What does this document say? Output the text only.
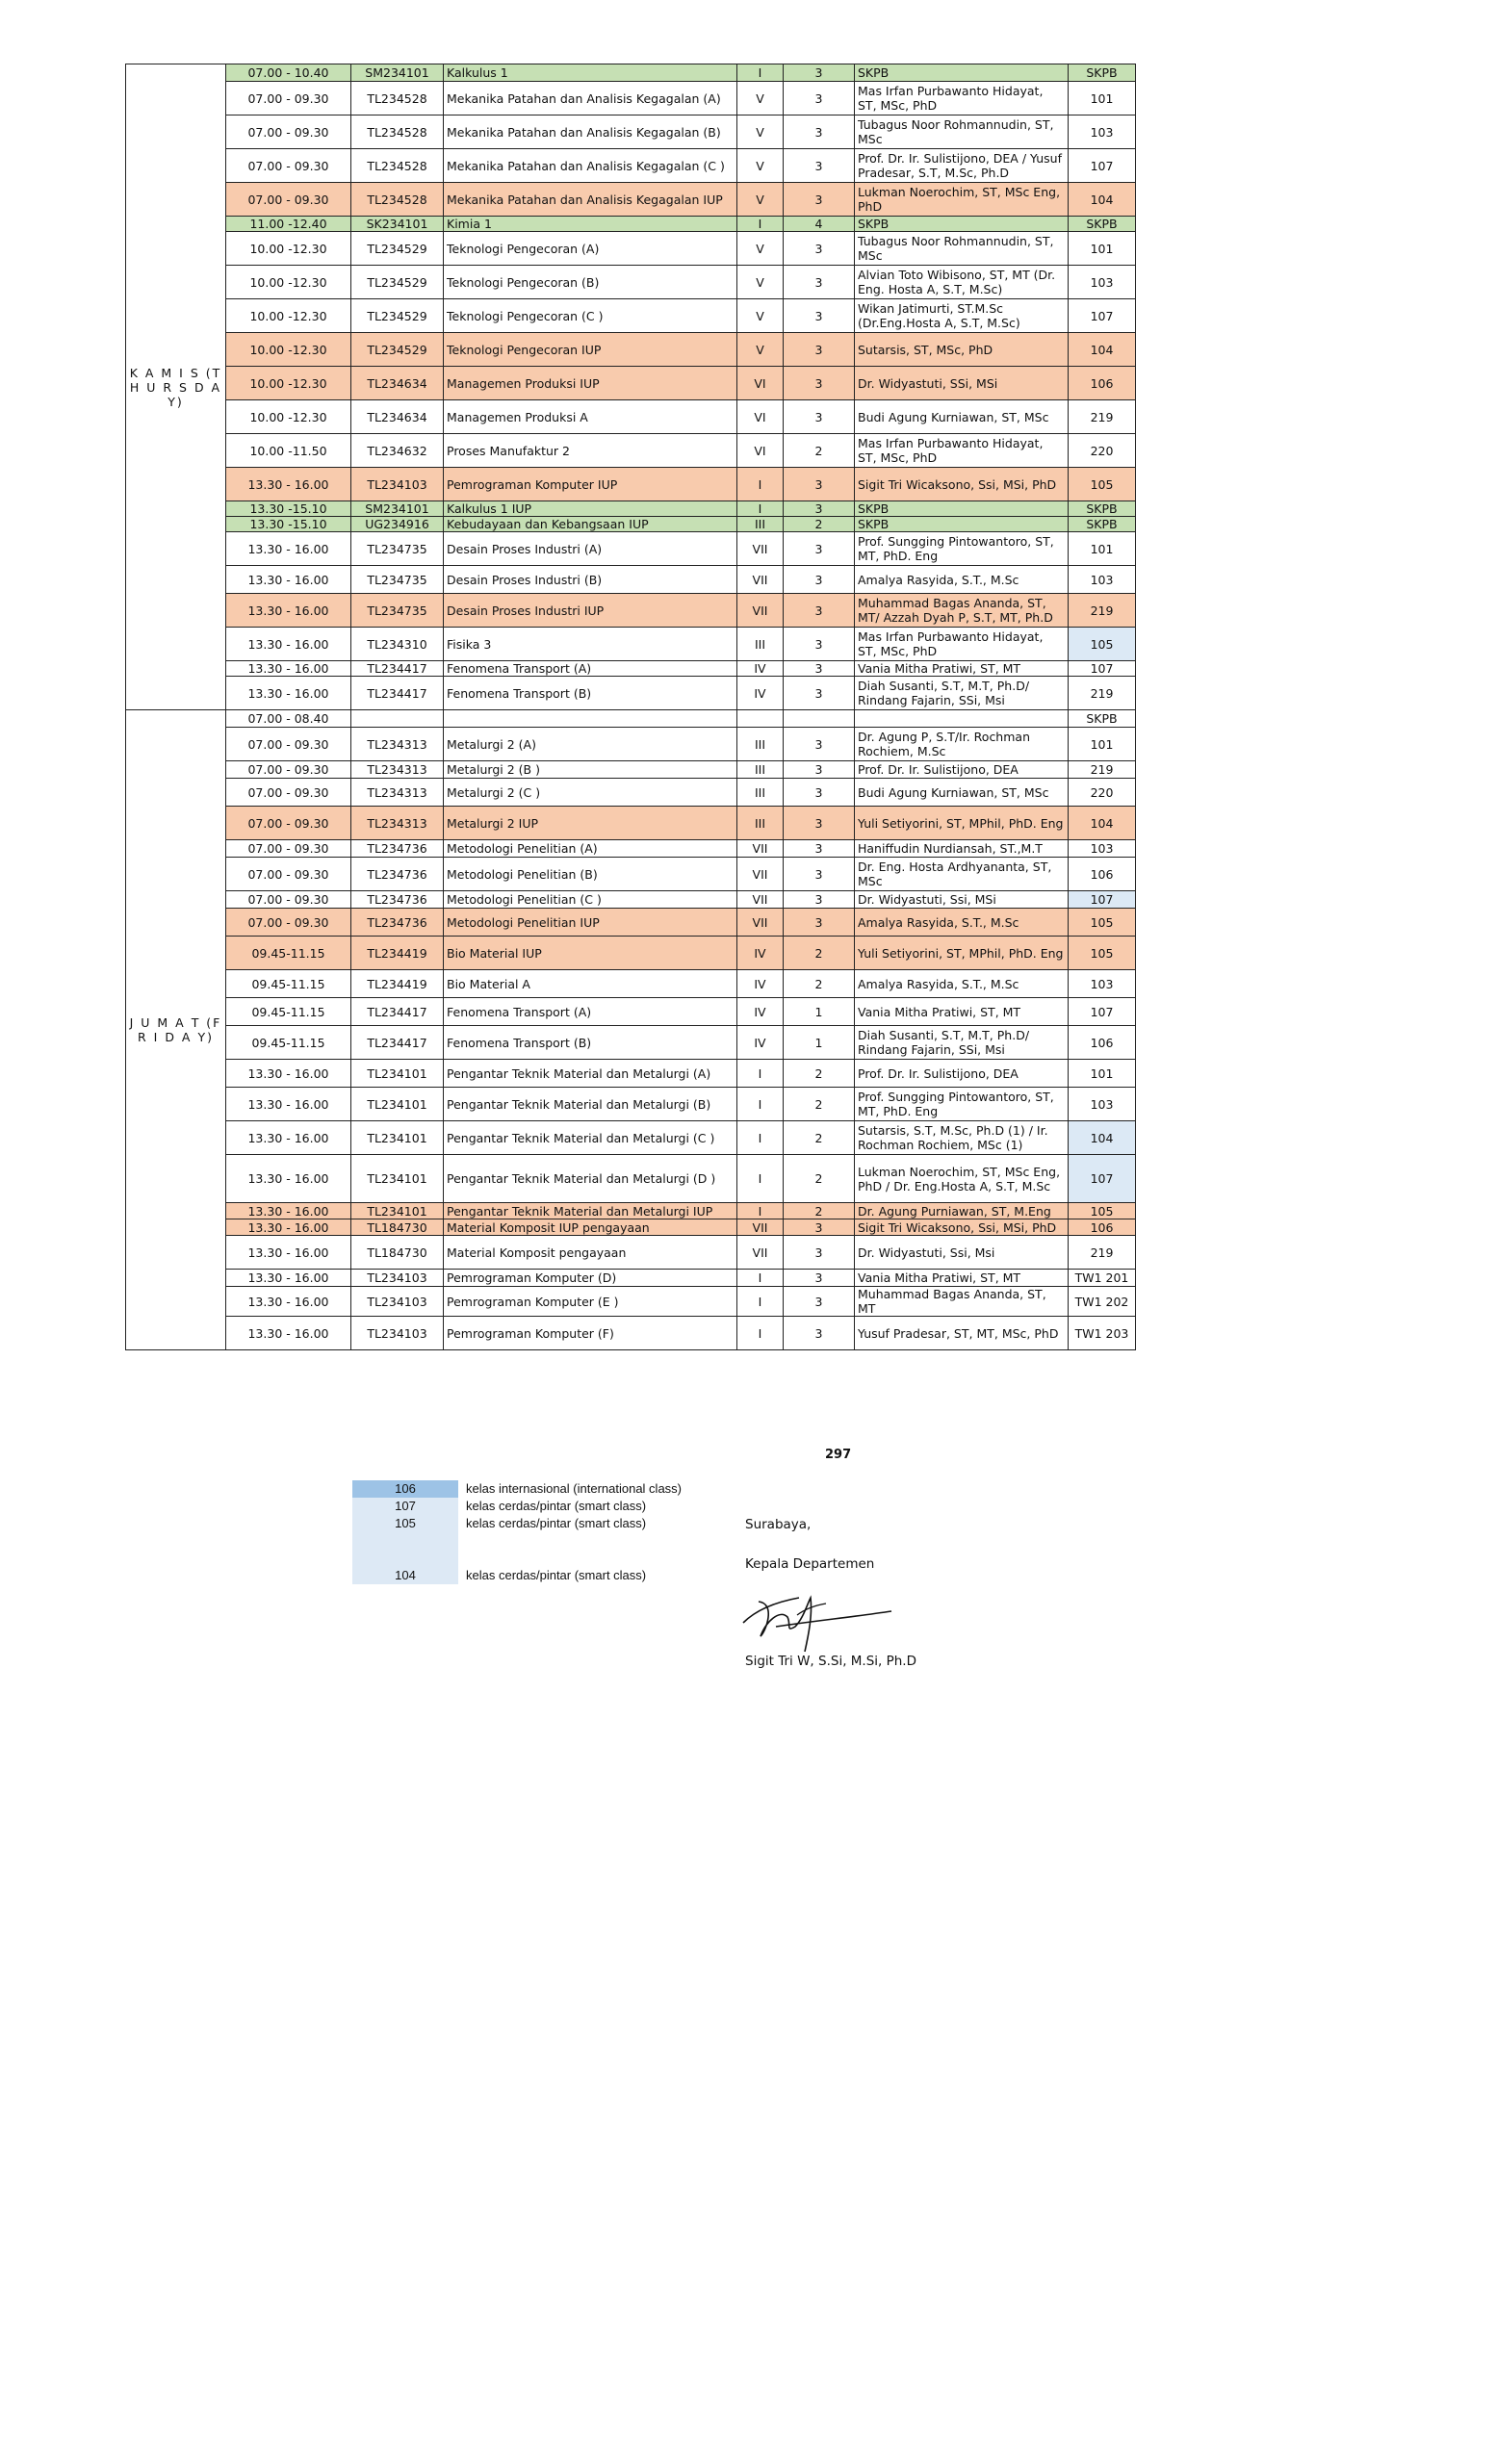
K A M I S (T H U R S D A Y)	07.00 - 10.40	SM234101	Kalkulus 1	I	3	SKPB	SKPB
	07.00 - 09.30	TL234528	Mekanika Patahan dan Analisis Kegagalan (A)	V	3	Mas Irfan Purbawanto Hidayat, ST, MSc, PhD	101
	07.00 - 09.30	TL234528	Mekanika Patahan dan Analisis Kegagalan (B)	V	3	Tubagus Noor Rohmannudin, ST, MSc	103
	07.00 - 09.30	TL234528	Mekanika Patahan dan Analisis Kegagalan (C )	V	3	Prof. Dr. Ir. Sulistijono, DEA / Yusuf Pradesar, S.T, M.Sc, Ph.D	107
	07.00 - 09.30	TL234528	Mekanika Patahan dan Analisis Kegagalan IUP	V	3	Lukman Noerochim, ST, MSc Eng, PhD	104
	11.00 -12.40	SK234101	Kimia 1	I	4	SKPB	SKPB
	10.00 -12.30	TL234529	Teknologi Pengecoran (A)	V	3	Tubagus Noor Rohmannudin, ST, MSc	101
	10.00 -12.30	TL234529	Teknologi Pengecoran (B)	V	3	Alvian Toto Wibisono, ST, MT (Dr. Eng. Hosta A, S.T, M.Sc)	103
	10.00 -12.30	TL234529	Teknologi Pengecoran (C )	V	3	Wikan Jatimurti, ST.M.Sc (Dr.Eng.Hosta A, S.T, M.Sc)	107
	10.00 -12.30	TL234529	Teknologi Pengecoran IUP	V	3	Sutarsis, ST, MSc, PhD	104
	10.00 -12.30	TL234634	Managemen Produksi IUP	VI	3	Dr. Widyastuti, SSi, MSi	106
	10.00 -12.30	TL234634	Managemen Produksi A	VI	3	Budi Agung Kurniawan, ST, MSc	219
	10.00 -11.50	TL234632	Proses Manufaktur 2	VI	2	Mas Irfan Purbawanto Hidayat, ST, MSc, PhD	220
	13.30 - 16.00	TL234103	Pemrograman Komputer IUP	I	3	Sigit Tri Wicaksono, Ssi, MSi, PhD	105
	13.30 -15.10	SM234101	Kalkulus 1 IUP	I	3	SKPB	SKPB
	13.30 -15.10	UG234916	Kebudayaan dan Kebangsaan IUP	III	2	SKPB	SKPB
	13.30 - 16.00	TL234735	Desain Proses Industri (A)	VII	3	Prof. Sungging Pintowantoro, ST, MT, PhD. Eng	101
	13.30 - 16.00	TL234735	Desain Proses Industri (B)	VII	3	Amalya Rasyida, S.T., M.Sc	103
	13.30 - 16.00	TL234735	Desain Proses Industri IUP	VII	3	Muhammad Bagas Ananda, ST, MT/ Azzah Dyah P, S.T, MT, Ph.D	219
	13.30 - 16.00	TL234310	Fisika 3	III	3	Mas Irfan Purbawanto Hidayat, ST, MSc, PhD	105
	13.30 - 16.00	TL234417	Fenomena Transport (A)	IV	3	Vania Mitha Pratiwi, ST, MT	107
	13.30 - 16.00	TL234417	Fenomena Transport (B)	IV	3	Diah Susanti, S.T, M.T, Ph.D/ Rindang Fajarin, SSi, Msi	219
J U M A T (F R I D A Y)	07.00 - 08.40						SKPB
	07.00 - 09.30	TL234313	Metalurgi 2 (A)	III	3	Dr. Agung P, S.T/Ir. Rochman Rochiem, M.Sc	101
	07.00 - 09.30	TL234313	Metalurgi 2 (B )	III	3	Prof. Dr. Ir. Sulistijono, DEA	219
	07.00 - 09.30	TL234313	Metalurgi 2 (C )	III	3	Budi Agung Kurniawan, ST, MSc	220
	07.00 - 09.30	TL234313	Metalurgi 2 IUP	III	3	Yuli Setiyorini, ST, MPhil, PhD. Eng	104
	07.00 - 09.30	TL234736	Metodologi Penelitian (A)	VII	3	Haniffudin Nurdiansah, ST.,M.T	103
	07.00 - 09.30	TL234736	Metodologi Penelitian (B)	VII	3	Dr. Eng. Hosta Ardhyananta, ST, MSc	106
	07.00 - 09.30	TL234736	Metodologi Penelitian (C )	VII	3	Dr. Widyastuti, Ssi, MSi	107
	07.00 - 09.30	TL234736	Metodologi Penelitian IUP	VII	3	Amalya Rasyida, S.T., M.Sc	105
	09.45-11.15	TL234419	Bio Material IUP	IV	2	Yuli Setiyorini, ST, MPhil, PhD. Eng	105
	09.45-11.15	TL234419	Bio Material A	IV	2	Amalya Rasyida, S.T., M.Sc	103
	09.45-11.15	TL234417	Fenomena Transport (A)	IV	1	Vania Mitha Pratiwi, ST, MT	107
	09.45-11.15	TL234417	Fenomena Transport (B)	IV	1	Diah Susanti, S.T, M.T, Ph.D/ Rindang Fajarin, SSi, Msi	106
	13.30 - 16.00	TL234101	Pengantar Teknik Material dan Metalurgi (A)	I	2	Prof. Dr. Ir. Sulistijono, DEA	101
	13.30 - 16.00	TL234101	Pengantar Teknik Material dan Metalurgi (B)	I	2	Prof. Sungging Pintowantoro, ST, MT, PhD. Eng	103
	13.30 - 16.00	TL234101	Pengantar Teknik Material dan Metalurgi (C )	I	2	Sutarsis, S.T, M.Sc, Ph.D (1) / Ir. Rochman Rochiem, MSc (1)	104
	13.30 - 16.00	TL234101	Pengantar Teknik Material dan Metalurgi (D )	I	2	Lukman Noerochim, ST, MSc Eng, PhD / Dr. Eng.Hosta A, S.T, M.Sc	107
	13.30 - 16.00	TL234101	Pengantar Teknik Material dan Metalurgi IUP	I	2	Dr. Agung Purniawan, ST, M.Eng	105
	13.30 - 16.00	TL184730	Material Komposit IUP pengayaan	VII	3	Sigit Tri Wicaksono, Ssi, MSi, PhD	106
	13.30 - 16.00	TL184730	Material Komposit pengayaan	VII	3	Dr. Widyastuti, Ssi, Msi	219
	13.30 - 16.00	TL234103	Pemrograman Komputer (D)	I	3	Vania Mitha Pratiwi, ST, MT	TW1 201
	13.30 - 16.00	TL234103	Pemrograman Komputer (E )	I	3	Muhammad Bagas Ananda, ST, MT	TW1 202
	13.30 - 16.00	TL234103	Pemrograman Komputer (F)	I	3	Yusuf Pradesar, ST, MT, MSc, PhD	TW1 203
297
106	kelas internasional (international class)
107	kelas cerdas/pintar (smart class)
105	kelas cerdas/pintar (smart class)
104	kelas cerdas/pintar (smart class)
Surabaya,
Kepala Departemen
Sigit Tri W, S.Si, M.Si, Ph.D
